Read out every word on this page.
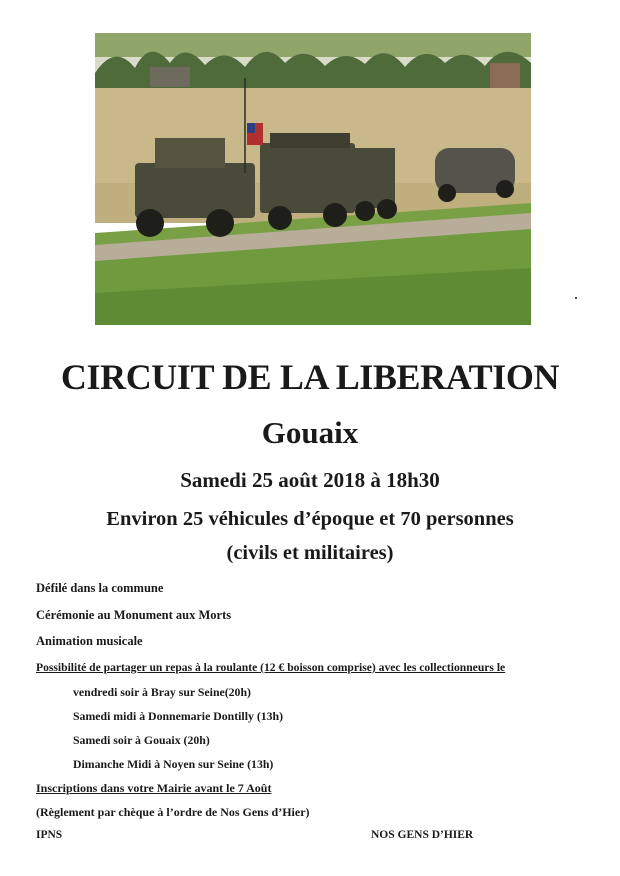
CIRCUIT DE LA LIBERATION

Gouaix

Samedi 25 août 2018 à 18h30

Environ 25 véhicules d’époque et 70 personnes

(civils et militaires)

Défilé dans la commune

Cérémonie au Monument aux Morts

Animation musicale

Possibilité de partager un repas à la roulante (12 € boisson comprise) avec les collectionneurs le

vendredi soir à Bray sur Seine(20h)

Samedi midi à Donnemarie Dontilly (13h)

Samedi soir à Gouaix (20h)

Dimanche Midi à Noyen sur Seine (13h)

Inscriptions dans votre Mairie avant le 7 Août

(Règlement par chèque à l’ordre de Nos Gens d’Hier)

IPNS	NOS GENS D’HIER
